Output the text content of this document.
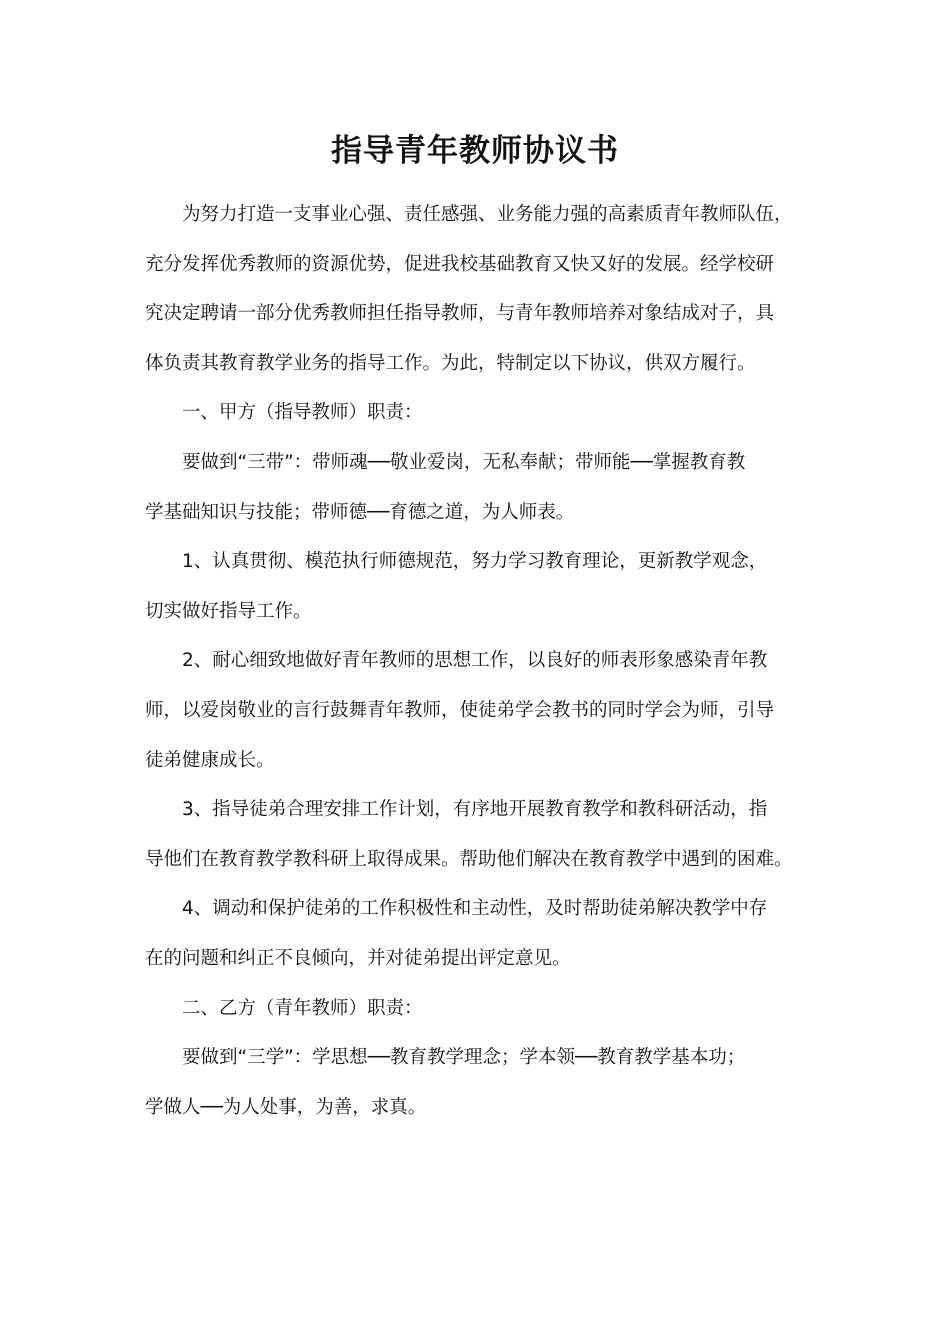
指导青年教师协议书
为努力打造一支事业心强、责任感强、业务能力强的高素质青年教师队伍，
充分发挥优秀教师的资源优势，促进我校基础教育又快又好的发展。经学校研
究决定聘请一部分优秀教师担任指导教师，与青年教师培养对象结成对子，具
体负责其教育教学业务的指导工作。为此，特制定以下协议，供双方履行。
一、甲方（指导教师）职责：
要做到“三带”：带师魂──敬业爱岗，无私奉献；带师能──掌握教育教
学基础知识与技能；带师德──育德之道，为人师表。
1、认真贯彻、模范执行师德规范，努力学习教育理论，更新教学观念，
切实做好指导工作。
2、耐心细致地做好青年教师的思想工作，以良好的师表形象感染青年教
师，以爱岗敬业的言行鼓舞青年教师，使徒弟学会教书的同时学会为师，引导
徒弟健康成长。
3、指导徒弟合理安排工作计划，有序地开展教育教学和教科研活动，指
导他们在教育教学教科研上取得成果。帮助他们解决在教育教学中遇到的困难。
4、调动和保护徒弟的工作积极性和主动性，及时帮助徒弟解决教学中存
在的问题和纠正不良倾向，并对徒弟提出评定意见。
二、乙方（青年教师）职责：
要做到“三学”：学思想──教育教学理念；学本领──教育教学基本功；
学做人──为人处事，为善，求真。
